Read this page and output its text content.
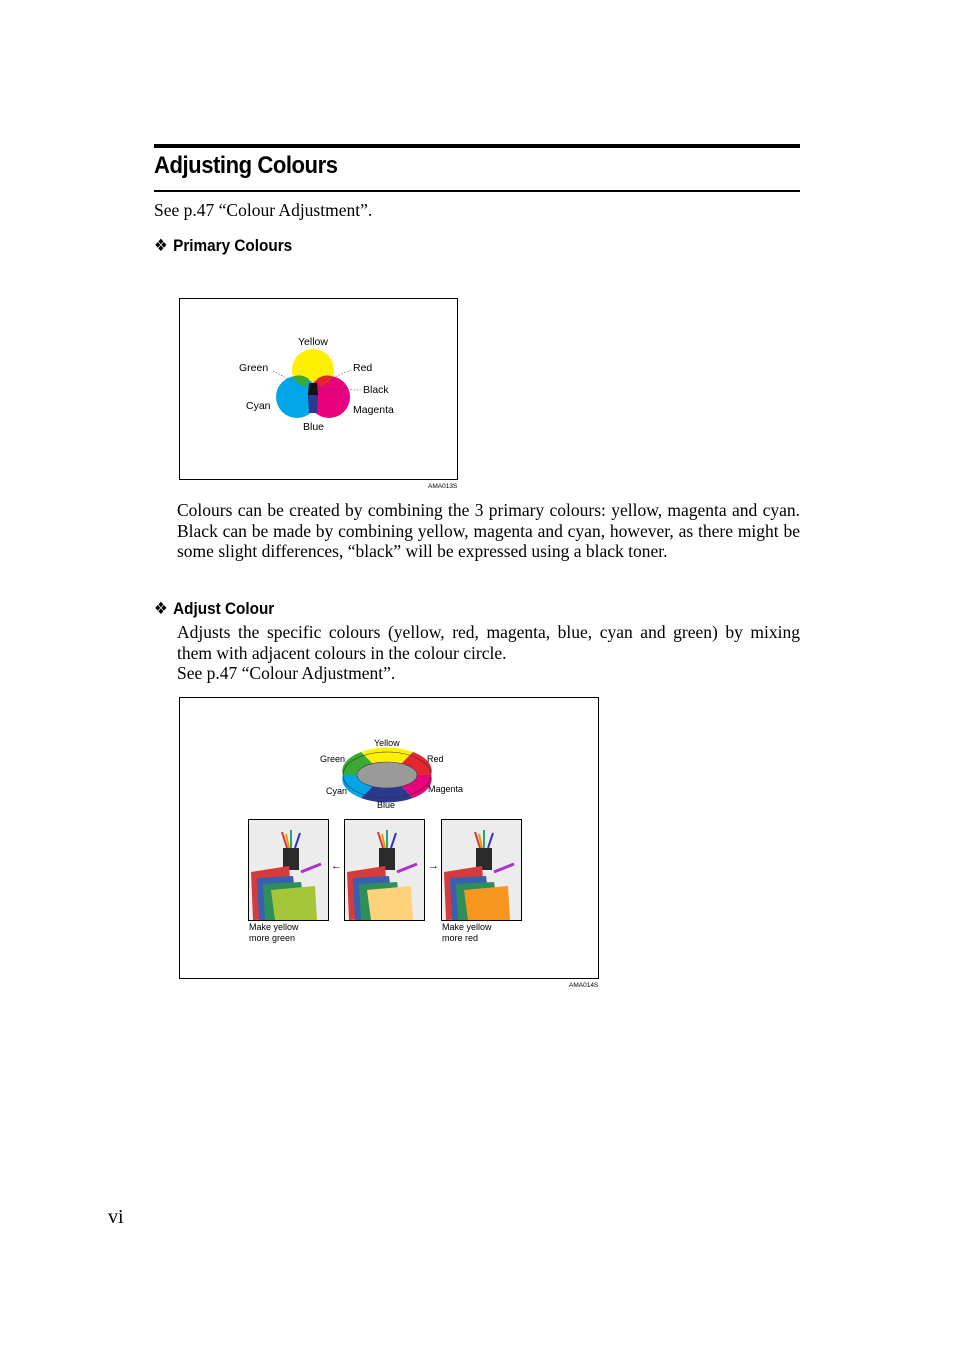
Adjusting Colours
See p.47 “Colour Adjustment”.
❖ Primary Colours
Yellow
Green	Red
Black
Cyan	Magenta
Blue
AMA013S
Colours can be created by combining the 3 primary colours: yellow, magenta and cyan. Black can be made by combining yellow, magenta and cyan, however, as there might be some slight differences, “black” will be expressed using a black toner.
❖ Adjust Colour
Adjusts the specific colours (yellow, red, magenta, blue, cyan and green) by mixing them with adjacent colours in the colour circle.
See p.47 “Colour Adjustment”.
Yellow
Green	Red
Cyan	Magenta
Blue
←	→
Make yellow
more green
Make yellow
more red
AMA014S
vi
